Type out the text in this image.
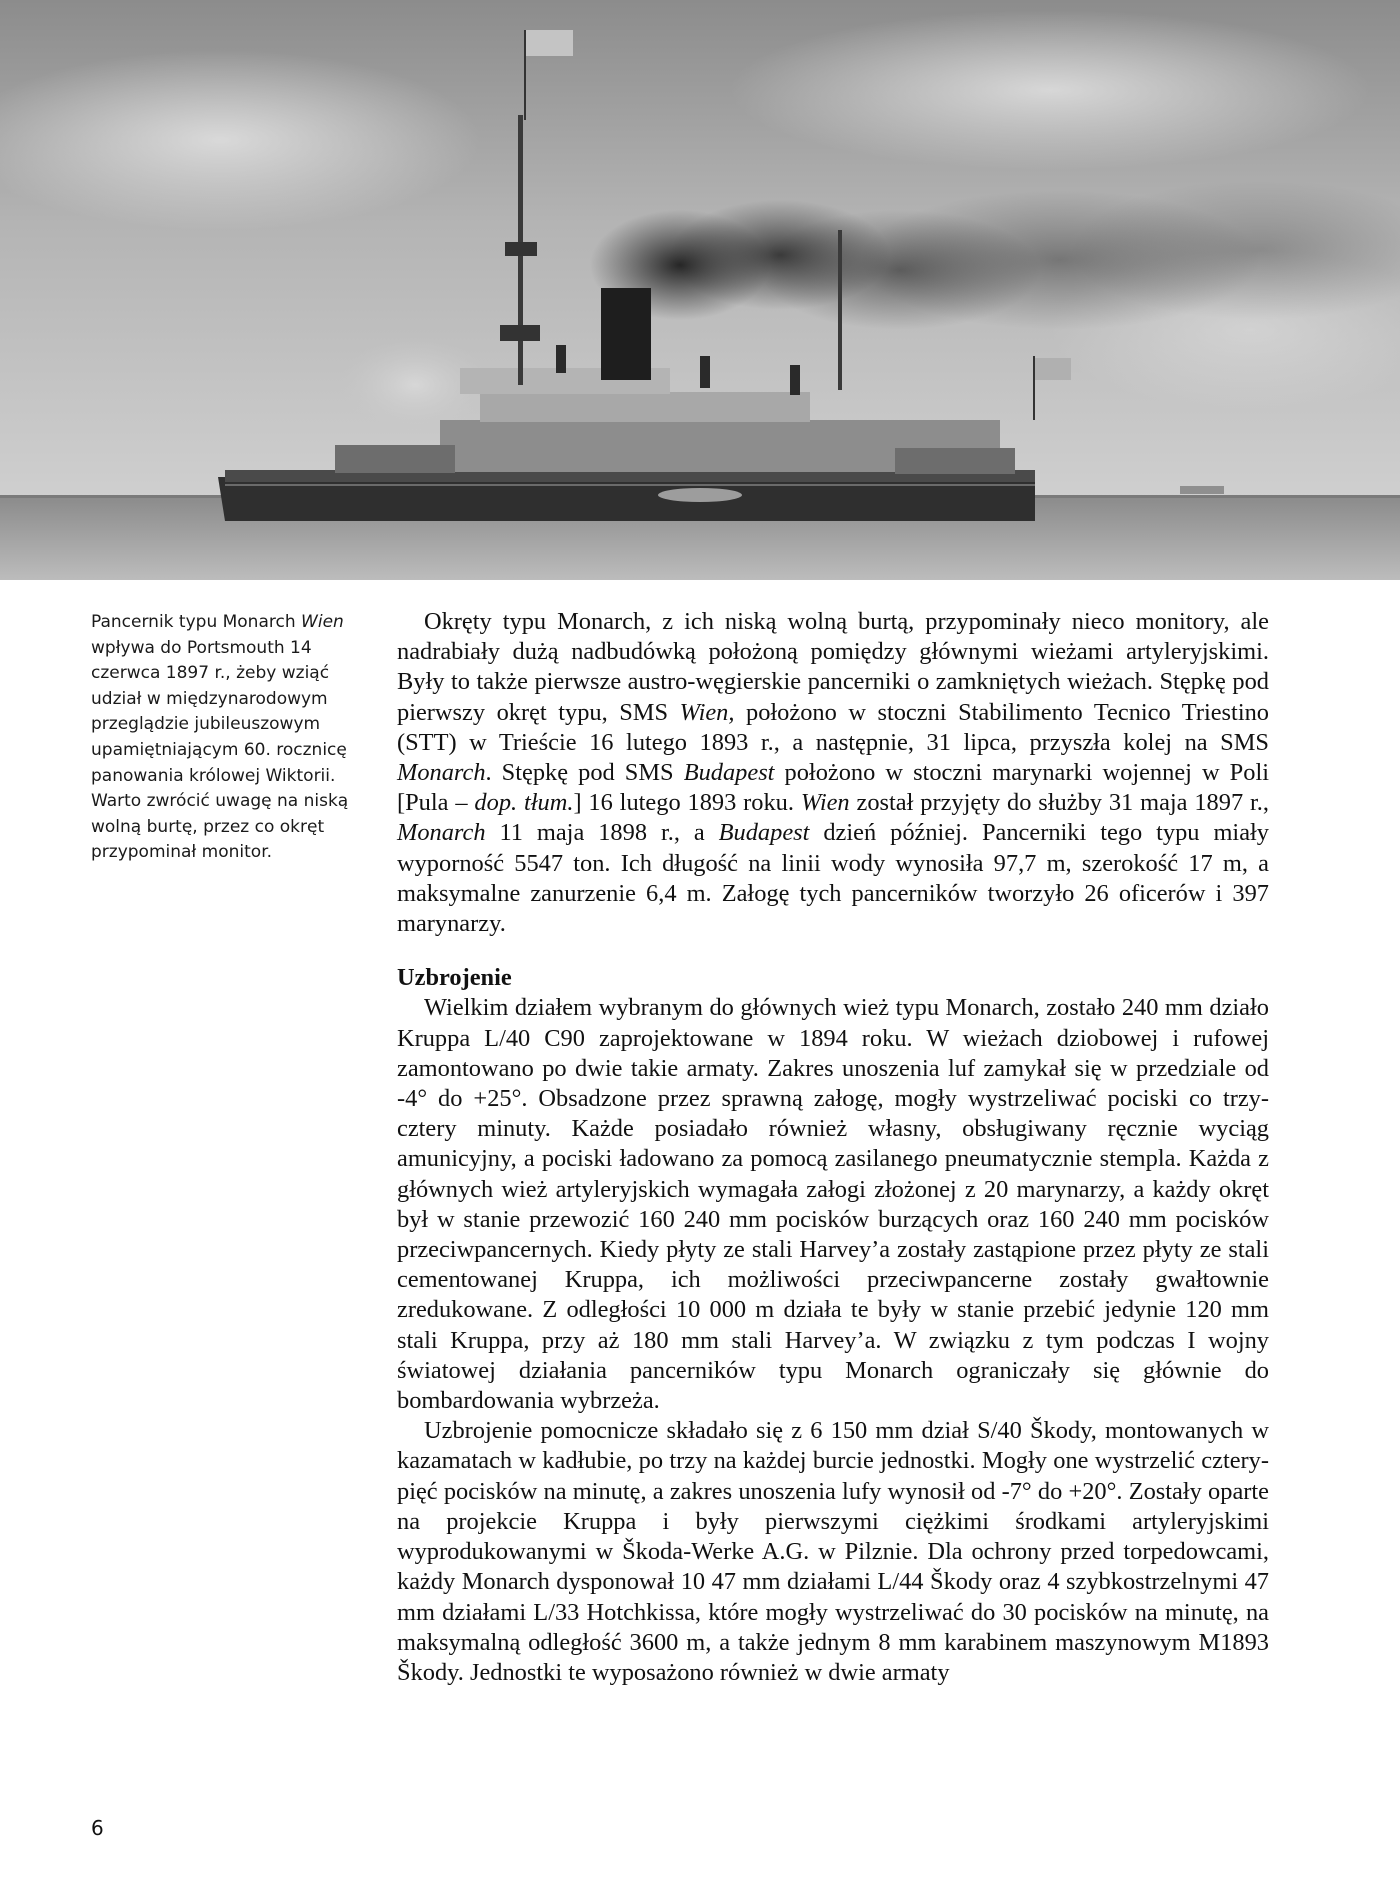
Pancernik typu Monarch Wien wpływa do Portsmouth 14 czerwca 1897 r., żeby wziąć udział w międzynarodowym przeglądzie jubileuszowym upamiętniającym 60. rocznicę panowania królowej Wiktorii. Warto zwrócić uwagę na niską wolną burtę, przez co okręt przypominał monitor.

Okręty typu Monarch, z ich niską wolną burtą, przypominały nieco monitory, ale nadrabiały dużą nadbudówką położoną pomiędzy głównymi wieżami artyleryjskimi. Były to także pierwsze austro-węgierskie pancerniki o zamkniętych wieżach. Stępkę pod pierwszy okręt typu, SMS Wien, położono w stoczni Stabilimento Tecnico Triestino (STT) w Trieście 16 lutego 1893 r., a następnie, 31 lipca, przyszła kolej na SMS Monarch. Stępkę pod SMS Budapest położono w stoczni marynarki wojennej w Poli [Pula – dop. tłum.] 16 lutego 1893 roku. Wien został przyjęty do służby 31 maja 1897 r., Monarch 11 maja 1898 r., a Budapest dzień później. Pancerniki tego typu miały wyporność 5547 ton. Ich długość na linii wody wynosiła 97,7 m, szerokość 17 m, a maksymalne zanurzenie 6,4 m. Załogę tych pancerników tworzyło 26 oficerów i 397 marynarzy.

Uzbrojenie

Wielkim działem wybranym do głównych wież typu Monarch, zostało 240 mm działo Kruppa L/40 C90 zaprojektowane w 1894 roku. W wieżach dziobowej i rufowej zamontowano po dwie takie armaty. Zakres unoszenia luf zamykał się w przedziale od -4° do +25°. Obsadzone przez sprawną załogę, mogły wystrzeliwać pociski co trzy-cztery minuty. Każde posiadało również własny, obsługiwany ręcznie wyciąg amunicyjny, a pociski ładowano za pomocą zasilanego pneumatycznie stempla. Każda z głównych wież artyleryjskich wymagała załogi złożonej z 20 marynarzy, a każdy okręt był w stanie przewozić 160 240 mm pocisków burzących oraz 160 240 mm pocisków przeciwpancernych. Kiedy płyty ze stali Harvey’a zostały zastąpione przez płyty ze stali cementowanej Kruppa, ich możliwości przeciwpancerne zostały gwałtownie zredukowane. Z odległości 10 000 m działa te były w stanie przebić jedynie 120 mm stali Kruppa, przy aż 180 mm stali Harvey’a. W związku z tym podczas I wojny światowej działania pancerników typu Monarch ograniczały się głównie do bombardowania wybrzeża.

Uzbrojenie pomocnicze składało się z 6 150 mm dział S/40 Škody, montowanych w kazamatach w kadłubie, po trzy na każdej burcie jednostki. Mogły one wystrzelić cztery-pięć pocisków na minutę, a zakres unoszenia lufy wynosił od -7° do +20°. Zostały oparte na projekcie Kruppa i były pierwszymi ciężkimi środkami artyleryjskimi wyprodukowanymi w Škoda-Werke A.G. w Pilznie. Dla ochrony przed torpedowcami, każdy Monarch dysponował 10 47 mm działami L/44 Škody oraz 4 szybkostrzelnymi 47 mm działami L/33 Hotchkissa, które mogły wystrzeliwać do 30 pocisków na minutę, na maksymalną odległość 3600 m, a także jednym 8 mm karabinem maszynowym M1893 Škody. Jednostki te wyposażono również w dwie armaty

6
